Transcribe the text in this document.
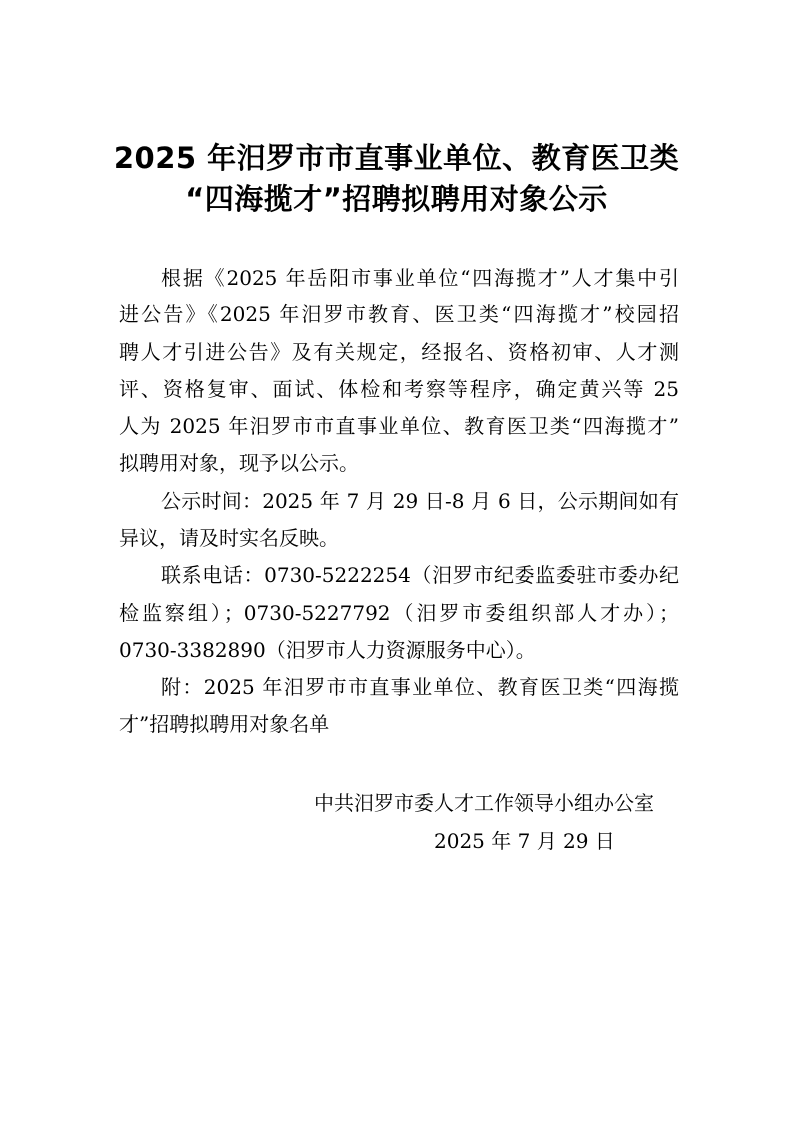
2025 年汨罗市市直事业单位、教育医卫类
“四海揽才”招聘拟聘用对象公示
根据《2025 年岳阳市事业单位“四海揽才”人才集中引
进公告》《2025 年汨罗市教育、医卫类“四海揽才”校园招
聘人才引进公告》及有关规定，经报名、资格初审、人才测
评、资格复审、面试、体检和考察等程序，确定黄兴等 25
人为 2025 年汨罗市市直事业单位、教育医卫类“四海揽才”
拟聘用对象，现予以公示。
公示时间：2025 年 7 月 29 日-8 月 6 日，公示期间如有
异议，请及时实名反映。
联系电话：0730-5222254（汨罗市纪委监委驻市委办纪
检监察组）；0730-5227792（汨罗市委组织部人才办）；
0730-3382890（汨罗市人力资源服务中心）。
附：2025 年汨罗市市直事业单位、教育医卫类“四海揽
才”招聘拟聘用对象名单
中共汨罗市委人才工作领导小组办公室
2025 年 7 月 29 日
